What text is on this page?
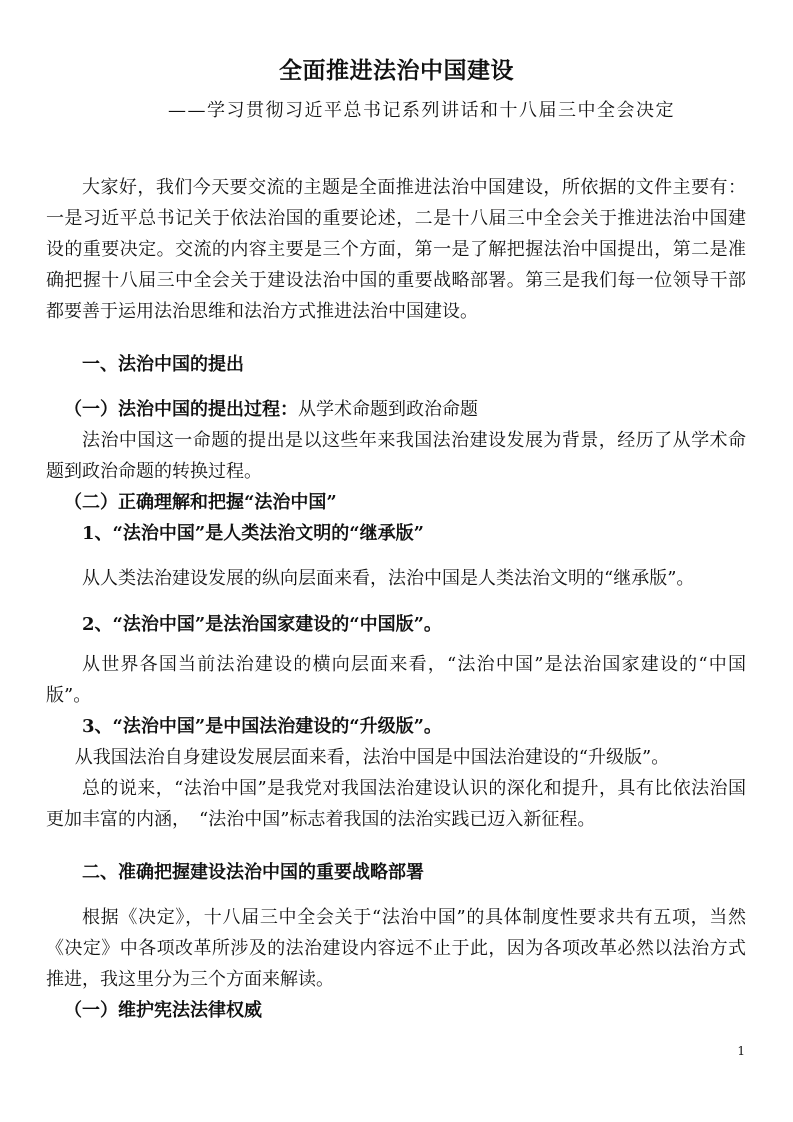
全面推进法治中国建设

——学习贯彻习近平总书记系列讲话和十八届三中全会决定

大家好，我们今天要交流的主题是全面推进法治中国建设，所依据的文件主要有：一是习近平总书记关于依法治国的重要论述，二是十八届三中全会关于推进法治中国建设的重要决定。交流的内容主要是三个方面，第一是了解把握法治中国提出，第二是准确把握十八届三中全会关于建设法治中国的重要战略部署。第三是我们每一位领导干部都要善于运用法治思维和法治方式推进法治中国建设。

一、法治中国的提出

（一）法治中国的提出过程：从学术命题到政治命题

法治中国这一命题的提出是以这些年来我国法治建设发展为背景，经历了从学术命题到政治命题的转换过程。

（二）正确理解和把握“法治中国”

1、“法治中国”是人类法治文明的“继承版”

从人类法治建设发展的纵向层面来看，法治中国是人类法治文明的“继承版”。

2、“法治中国”是法治国家建设的“中国版”。

从世界各国当前法治建设的横向层面来看，“法治中国”是法治国家建设的“中国版”。

3、“法治中国”是中国法治建设的“升级版”。

从我国法治自身建设发展层面来看，法治中国是中国法治建设的“升级版”。

总的说来，“法治中国”是我党对我国法治建设认识的深化和提升，具有比依法治国更加丰富的内涵，　“法治中国”标志着我国的法治实践已迈入新征程。

二、准确把握建设法治中国的重要战略部署

根据《决定》，十八届三中全会关于“法治中国”的具体制度性要求共有五项，当然《决定》中各项改革所涉及的法治建设内容远不止于此，因为各项改革必然以法治方式推进，我这里分为三个方面来解读。

（一）维护宪法法律权威

1
